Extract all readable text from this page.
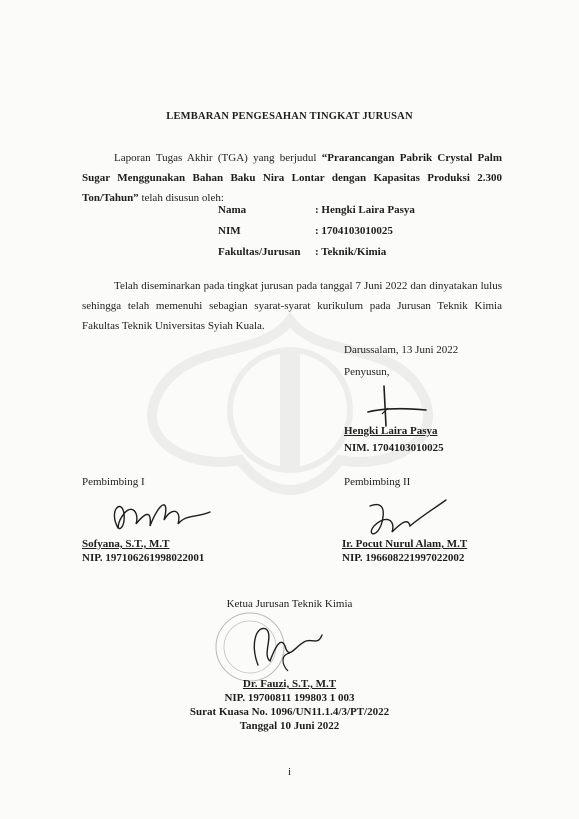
LEMBARAN PENGESAHAN TINGKAT JURUSAN
Laporan Tugas Akhir (TGA) yang berjudul “Prarancangan Pabrik Crystal Palm Sugar Menggunakan Bahan Baku Nira Lontar dengan Kapasitas Produksi 2.300 Ton/Tahun” telah disusun oleh:
Nama	: Hengki Laira Pasya
NIM	: 1704103010025
Fakultas/Jurusan : Teknik/Kimia
Telah diseminarkan pada tingkat jurusan pada tanggal 7 Juni 2022 dan dinyatakan lulus sehingga telah memenuhi sebagian syarat-syarat kurikulum pada Jurusan Teknik Kimia Fakultas Teknik Universitas Syiah Kuala.
Darussalam, 13 Juni 2022
Penyusun,
Hengki Laira Pasya
NIM. 1704103010025
Pembimbing I
Sofyana, S.T., M.T
NIP. 197106261998022001
Pembimbing II
Ir. Pocut Nurul Alam, M.T
NIP. 196608221997022002
Ketua Jurusan Teknik Kimia
Dr. Fauzi, S.T., M.T
NIP. 19700811 199803 1 003
Surat Kuasa No. 1096/UN11.1.4/3/PT/2022
Tanggal 10 Juni 2022
i
